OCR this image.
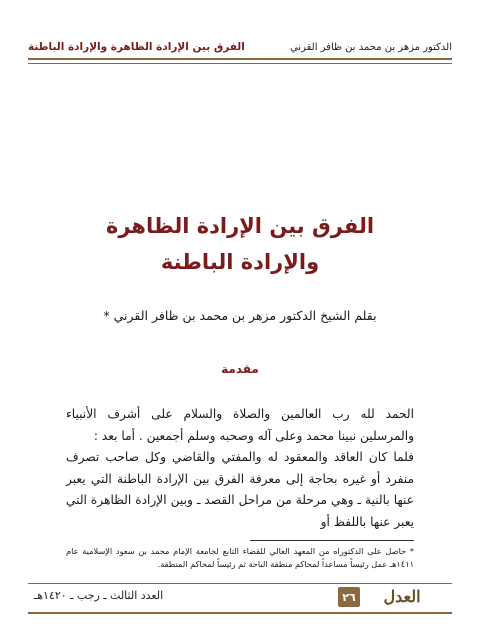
الفرق بين الإرادة الظاهرة والإرادة الباطنة	الدكتور مزهر بن محمد بن ظافر القرني
الفرق بين الإرادة الظاهرة
والإرادة الباطنة
بقلم الشيخ الدكتور مزهر بن محمد بن ظافر القرني *
مقدمة

الحمد لله رب العالمين والصلاة والسلام على أشرف الأنبياء والمرسلين نبينا محمد وعلى آله وصحبه وسلم أجمعين . أما بعد :

فلما كان العاقد والمعقود له والمفتي والقاضي وكل صاحب تصرف منفرد أو غيره بحاجة إلى معرفة الفرق بين الإرادة الباطنة التي يعبر عنها بالنية ـ وهي مرحلة من مراحل القصد ـ وبين الإرادة الظاهرة التي يعبر عنها باللفظ أو

* حاصل على الدكتوراه من المعهد العالي للقضاء التابع لجامعة الإمام محمد بن سعود الإسلامية عام ١٤١١هـ عمل رئيساً مساعداً لمحاكم منطقة الباحة ثم رئيساً لمحاكم المنطقة.
العدد الثالث ـ رجب ـ ١٤٢٠هـ	٢٦	العدل
